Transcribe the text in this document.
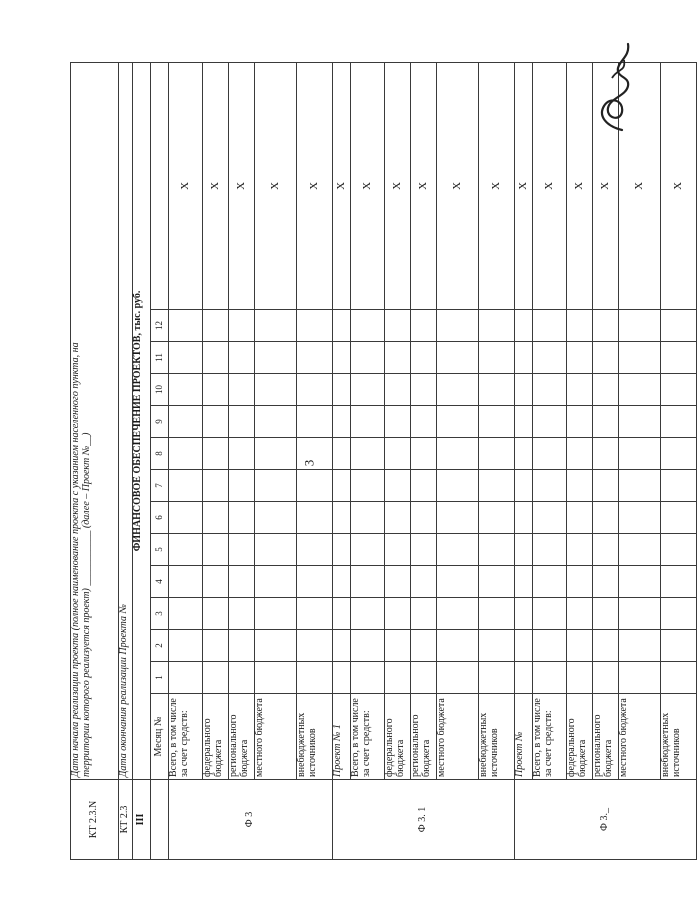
3
КТ 2.3.N	Дата начала реализации проекта (полное наименование проекта с указанием населенного пункта, на территории которого реализуется проект) ___________ (далее – Проект №__)													

КТ 2.3	Дата окончания реализации Проекта №													
III	ФИНАНСОВОЕ ОБЕСПЕЧЕНИЕ ПРОЕКТОВ, тыс. руб.													
	Месяц №	1	2	3	4	5	6	7	8	9	10	11	12	
Ф 3	Всего, в том числе за счет средств:													X
	федерального бюджета													X
	регионального бюджета													X
	местного бюджета													X
	внебюджетных источников													X
Ф 3. 1	Проект № 1													X
	Всего, в том числе за счет средств:													X
	федерального бюджета													X
	регионального бюджета													X
	местного бюджета													X
	внебюджетных источников													X
Ф 3._	Проект №													X
	Всего, в том числе за счет средств:													X
	федерального бюджета													X
	регионального бюджета													X
	местного бюджета													X
	внебюджетных источников													X
